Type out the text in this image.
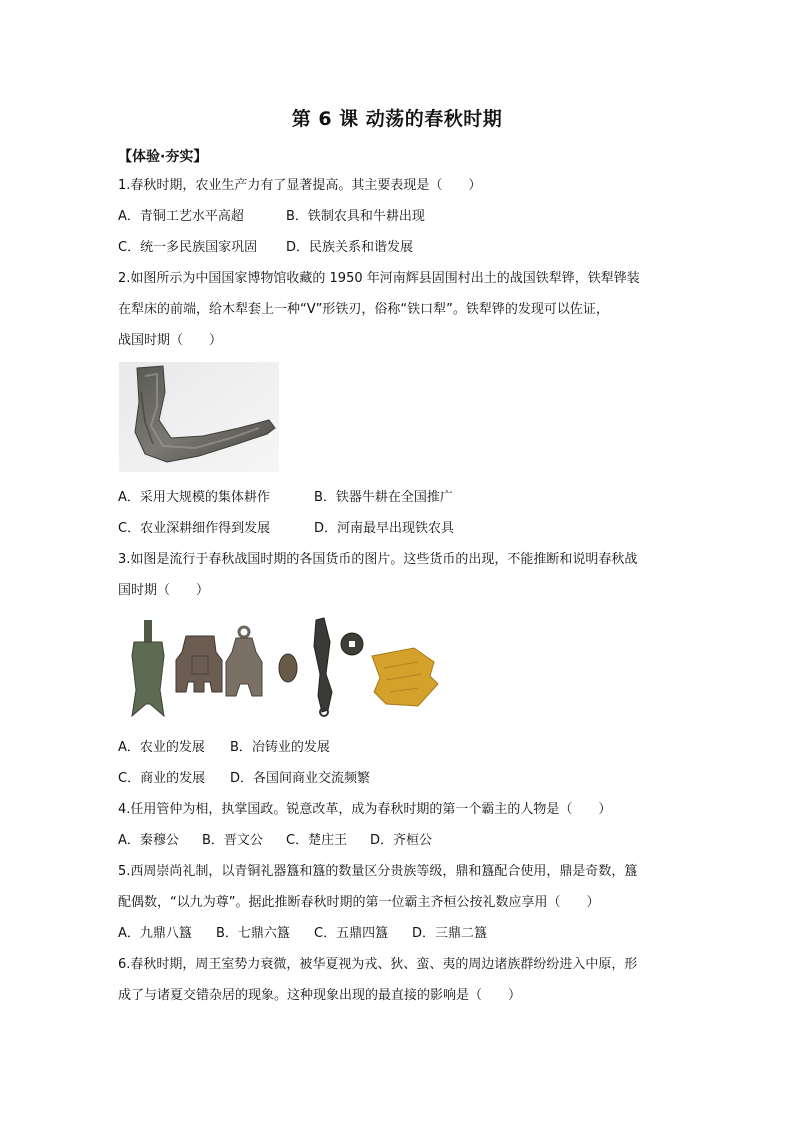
第 6 课 动荡的春秋时期
【体验·夯实】
1.春秋时期，农业生产力有了显著提高。其主要表现是（　　）
A．青铜工艺水平高超	B．铁制农具和牛耕出现
C．统一多民族国家巩固 D．民族关系和谐发展
2.如图所示为中国国家博物馆收藏的 1950 年河南辉县固围村出土的战国铁犁铧，铁犁铧装
在犁床的前端，给木犁套上一种“V”形铁刃，俗称“铁口犁”。铁犁铧的发现可以佐证，
战国时期（　　）
A．采用大规模的集体耕作	B．铁器牛耕在全国推广
C．农业深耕细作得到发展	D．河南最早出现铁农具
3.如图是流行于春秋战国时期的各国货币的图片。这些货币的出现，不能推断和说明春秋战
国时期（　　）
A．农业的发展 B．冶铸业的发展
C．商业的发展 D．各国间商业交流频繁
4.任用管仲为相，执掌国政。锐意改革，成为春秋时期的第一个霸主的人物是（　　）
A．秦穆公 B．晋文公 C．楚庄王 D．齐桓公
5.西周崇尚礼制，以青铜礼器簋和簋的数量区分贵族等级，鼎和簋配合使用，鼎是奇数，簋
配偶数，“以九为尊”。据此推断春秋时期的第一位霸主齐桓公按礼数应享用（　　）
A．九鼎八簋 B．七鼎六簋 C．五鼎四簋 D．三鼎二簋
6.春秋时期，周王室势力衰微，被华夏视为戎、狄、蛮、夷的周边诸族群纷纷进入中原，形
成了与诸夏交错杂居的现象。这种现象出现的最直接的影响是（　　）
